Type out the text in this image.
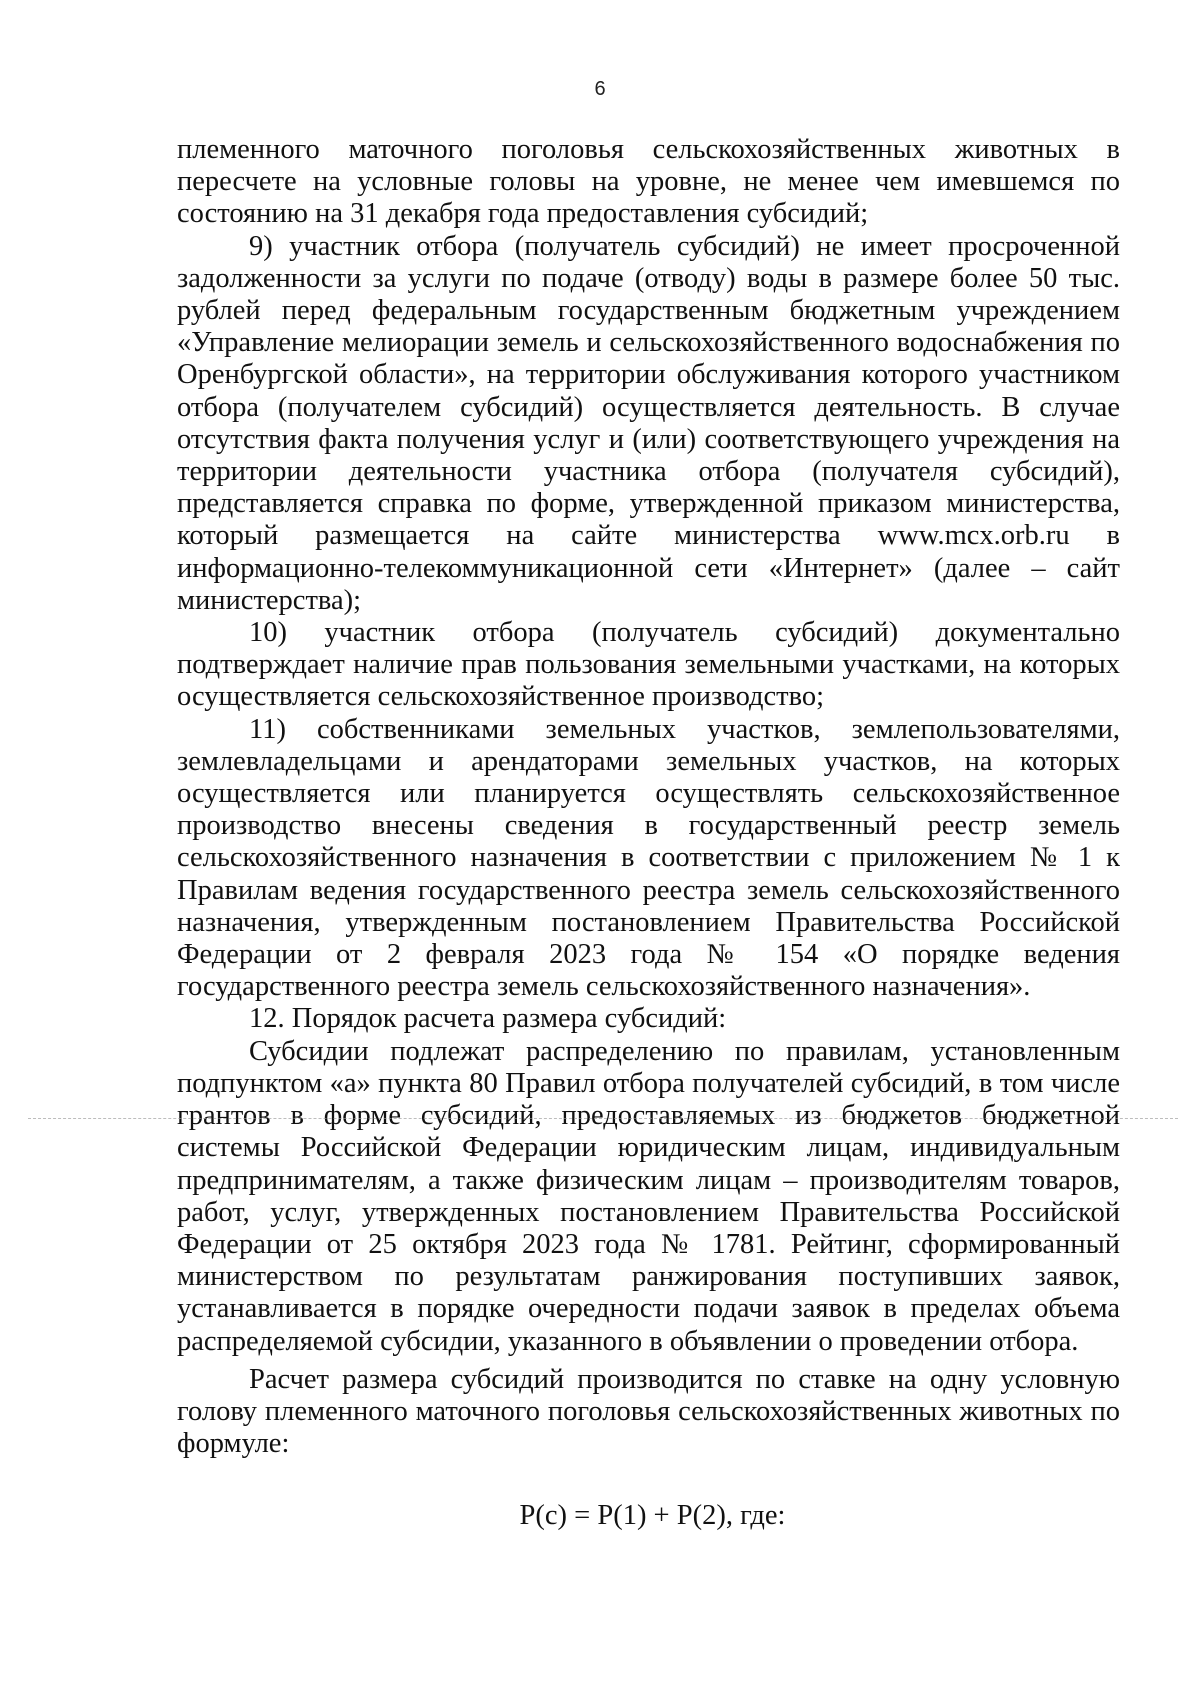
6

племенного маточного поголовья сельскохозяйственных животных в пересчете на условные головы на уровне, не менее чем имевшемся по состоянию на 31 декабря года предоставления субсидий;

9) участник отбора (получатель субсидий) не имеет просроченной задолженности за услуги по подаче (отводу) воды в размере более 50 тыс. рублей перед федеральным государственным бюджетным учреждением «Управление мелиорации земель и сельскохозяйственного водоснабжения по Оренбургской области», на территории обслуживания которого участником отбора (получателем субсидий) осуществляется деятельность. В случае отсутствия факта получения услуг и (или) соответствующего учреждения на территории деятельности участника отбора (получателя субсидий), представляется справка по форме, утвержденной приказом министерства, который размещается на сайте министерства www.mcx.orb.ru в информационно-телекоммуникационной сети «Интернет» (далее – сайт министерства);

10) участник отбора (получатель субсидий) документально подтверждает наличие прав пользования земельными участками, на которых осуществляется сельскохозяйственное производство;

11) собственниками земельных участков, землепользователями, землевладельцами и арендаторами земельных участков, на которых осуществляется или планируется осуществлять сельскохозяйственное производство внесены сведения в государственный реестр земель сельскохозяйственного назначения в соответствии с приложением № 1 к Правилам ведения государственного реестра земель сельскохозяйственного назначения, утвержденным постановлением Правительства Российской Федерации от 2 февраля 2023 года № 154 «О порядке ведения государственного реестра земель сельскохозяйственного назначения».

12. Порядок расчета размера субсидий:

Субсидии подлежат распределению по правилам, установленным подпунктом «а» пункта 80 Правил отбора получателей субсидий, в том числе грантов в форме субсидий, предоставляемых из бюджетов бюджетной системы Российской Федерации юридическим лицам, индивидуальным предпринимателям, а также физическим лицам – производителям товаров, работ, услуг, утвержденных постановлением Правительства Российской Федерации от 25 октября 2023 года № 1781. Рейтинг, сформированный министерством по результатам ранжирования поступивших заявок, устанавливается в порядке очередности подачи заявок в пределах объема распределяемой субсидии, указанного в объявлении о проведении отбора.

Расчет размера субсидий производится по ставке на одну условную голову племенного маточного поголовья сельскохозяйственных животных по формуле:

P(c) = P(1) + P(2), где:
